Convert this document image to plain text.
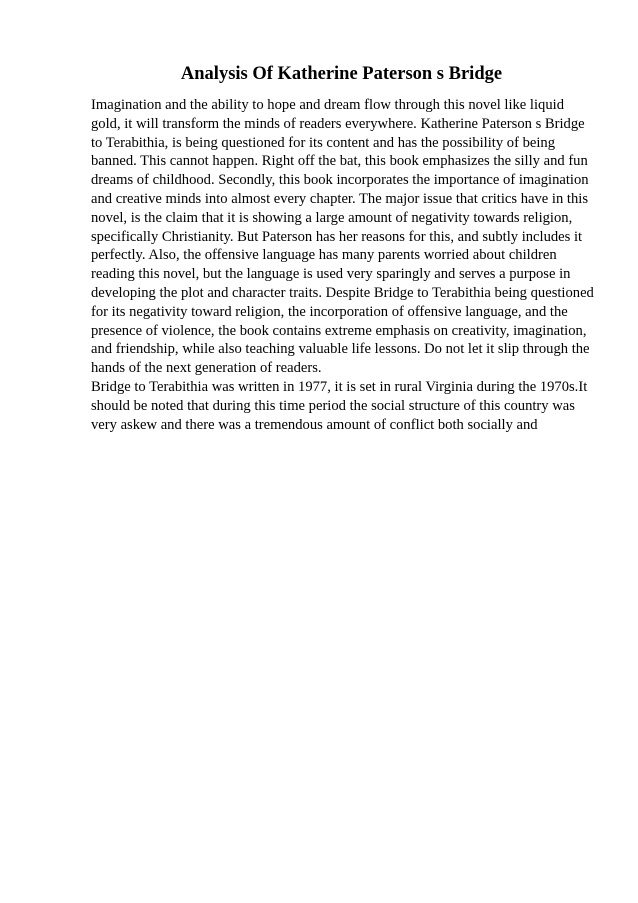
Analysis Of Katherine Paterson s Bridge
Imagination and the ability to hope and dream flow through this novel like liquid
gold, it will transform the minds of readers everywhere. Katherine Paterson s Bridge
to Terabithia, is being questioned for its content and has the possibility of being
banned. This cannot happen. Right off the bat, this book emphasizes the silly and fun
dreams of childhood. Secondly, this book incorporates the importance of imagination
and creative minds into almost every chapter. The major issue that critics have in this
novel, is the claim that it is showing a large amount of negativity towards religion,
specifically Christianity. But Paterson has her reasons for this, and subtly includes it
perfectly. Also, the offensive language has many parents worried about children
reading this novel, but the language is used very sparingly and serves a purpose in
developing the plot and character traits. Despite Bridge to Terabithia being questioned
for its negativity toward religion, the incorporation of offensive language, and the
presence of violence, the book contains extreme emphasis on creativity, imagination,
and friendship, while also teaching valuable life lessons. Do not let it slip through the
hands of the next generation of readers.
Bridge to Terabithia was written in 1977, it is set in rural Virginia during the 1970s.It
should be noted that during this time period the social structure of this country was
very askew and there was a tremendous amount of conflict both socially and
